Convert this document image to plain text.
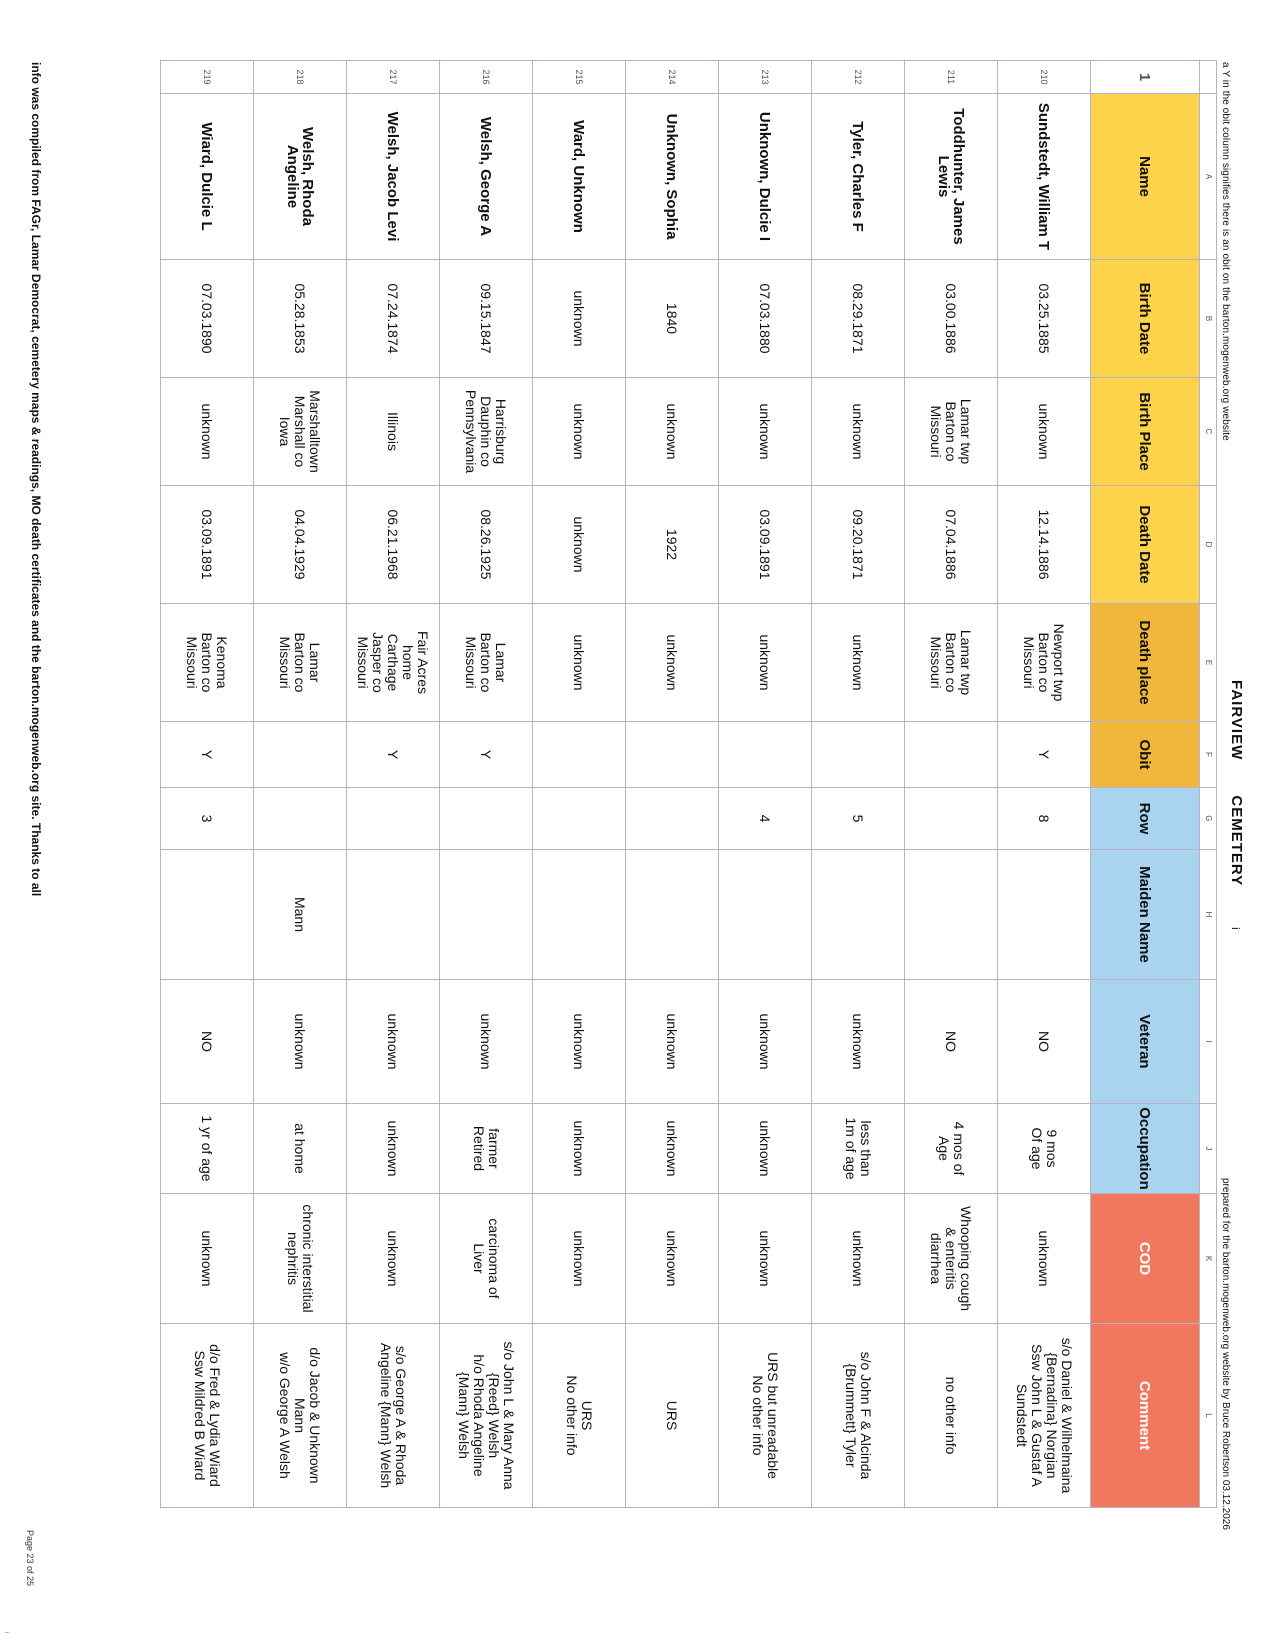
a Y in the obit column signifies there is an obit on the barton.mogenweb.org website
FAIRVIEW CEMETERY i
prepared for the barton.mogenweb.org website by Bruce Robertson 03.12.2026
	A	B	C	D	E	F	G	H	I	J	K	L
1	Name	Birth Date	Birth Place	Death Date	Death place	Obit	Row	Maiden Name	Veteran	Occupation	COD	Comment
210	Sundstedt, William T	03.25.1885	unknown	12.14.1886	Newport twp
Barton co
Missouri	Y	8		NO	9 mos
Of age	unknown	s/o Daniel & Wilhelmaina
{Bernadina} Norgian
Ssw John L & Gustaf A
Sundstedt
211	Toddhunter, James
Lewis	03.00.1886	Lamar twp
Barton co
Missouri	07.04.1886	Lamar twp
Barton co
Missouri				NO	4 mos of
Age	Whooping cough
& enteritis
diarrhea	no other info
212	Tyler, Charles F	08.29.1871	unknown	09.20.1871	unknown		5		unknown	less than
1m of age	unknown	s/o John F & Alcinda
{Brummett} Tyler
213	Unknown, Dulcie I	07.03.1880	unknown	03.09.1891	unknown		4		unknown	unknown	unknown	URS but unreadable
No other info
214	Unknown, Sophia	1840	unknown	1922	unknown				unknown	unknown	unknown	URS
215	Ward, Unknown	unknown	unknown	unknown	unknown				unknown	unknown	unknown	URS
No other info
216	Welsh, George A	09.15.1847	Harrisburg
Dauphin co
Pennsylvania	08.26.1925	Lamar
Barton co
Missouri	Y			unknown	farmer
Retired	carcinoma of
Liver	s/o John L & Mary Anna
{Reed} Welsh
h/o Rhoda Angeline
{Mann} Welsh
217	Welsh, Jacob Levi	07.24.1874	Illinois	06.21.1968	Fair Acres
home
Carthage
Jasper co
Missouri	Y			unknown	unknown	unknown	s/o George A & Rhoda
Angeline {Mann} Welsh
218	Welsh, Rhoda
Angeline	05.28.1853	Marshalltown
Marshall co
Iowa	04.04.1929	Lamar
Barton co
Missouri			Mann	unknown	at home	chronic interstitial
nephritis	d/o Jacob & Unknown
Mann
w/o George A Welsh
219	Wiard, Dulcie L	07.03.1890	unknown	03.09.1891	Kenoma
Barton co
Missouri	Y	3		NO	1 yr of age	unknown	d/o Fred & Lydia Wiard
Ssw Mildred B Wiard
info was compiled from FAGr, Lamar Democrat, cemetery maps & readings, MO death certificates and the barton.mogenweb.org site. Thanks to all
Page 23 of 25
i
